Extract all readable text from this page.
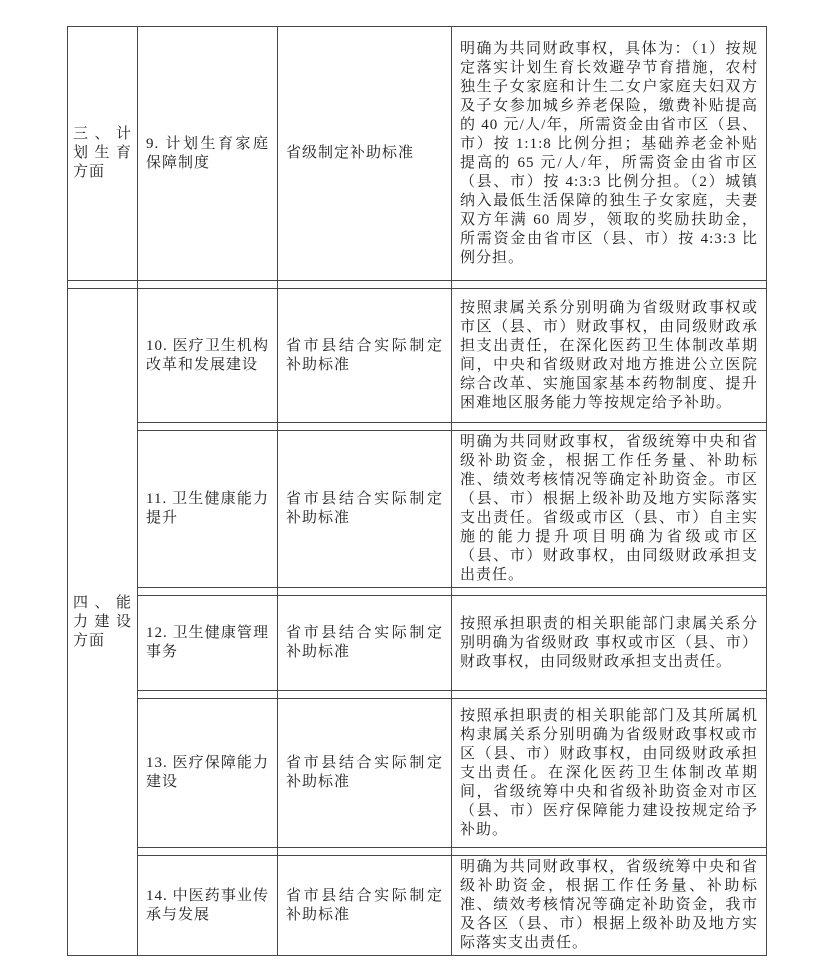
三、计划生育方面	9. 计划生育家庭保障制度	省级制定补助标准	明确为共同财政事权，具体为：（1）按规定落实计划生育长效避孕节育措施，农村独生子女家庭和计生二女户家庭夫妇双方及子女参加城乡养老保险，缴费补贴提高的 40 元/人/年，所需资金由省市区（县、市）按 1:1:8 比例分担；基础养老金补贴提高的 65 元/人/年，所需资金由省市区（县、市）按 4:3:3 比例分担。（2）城镇纳入最低生活保障的独生子女家庭，夫妻双方年满 60 周岁，领取的奖励扶助金，所需资金由省市区（县、市）按 4:3:3 比例分担。

四、能力建设方面	10. 医疗卫生机构改革和发展建设	省市县结合实际制定补助标准	按照隶属关系分别明确为省级财政事权或市区（县、市）财政事权，由同级财政承担支出责任，在深化医药卫生体制改革期间，中央和省级财政对地方推进公立医院综合改革、实施国家基本药物制度、提升困难地区服务能力等按规定给予补助。

	11. 卫生健康能力提升	省市县结合实际制定补助标准	明确为共同财政事权，省级统筹中央和省级补助资金，根据工作任务量、补助标准、绩效考核情况等确定补助资金。市区（县、市）根据上级补助及地方实际落实支出责任。省级或市区（县、市）自主实施的能力提升项目明确为省级或市区（县、市）财政事权，由同级财政承担支出责任。

	12. 卫生健康管理事务	省市县结合实际制定补助标准	按照承担职责的相关职能部门隶属关系分别明确为省级财政 事权或市区（县、市）财政事权，由同级财政承担支出责任。

	13. 医疗保障能力建设	省市县结合实际制定补助标准	按照承担职责的相关职能部门及其所属机构隶属关系分别明确为省级财政事权或市区（县、市）财政事权，由同级财政承担支出责任。在深化医药卫生体制改革期间，省级统筹中央和省级补助资金对市区（县、市）医疗保障能力建设按规定给予补助。

	14. 中医药事业传承与发展	省市县结合实际制定补助标准	明确为共同财政事权，省级统筹中央和省级补助资金，根据工作任务量、补助标准、绩效考核情况等确定补助资金，我市及各区（县、市）根据上级补助及地方实际落实支出责任。
